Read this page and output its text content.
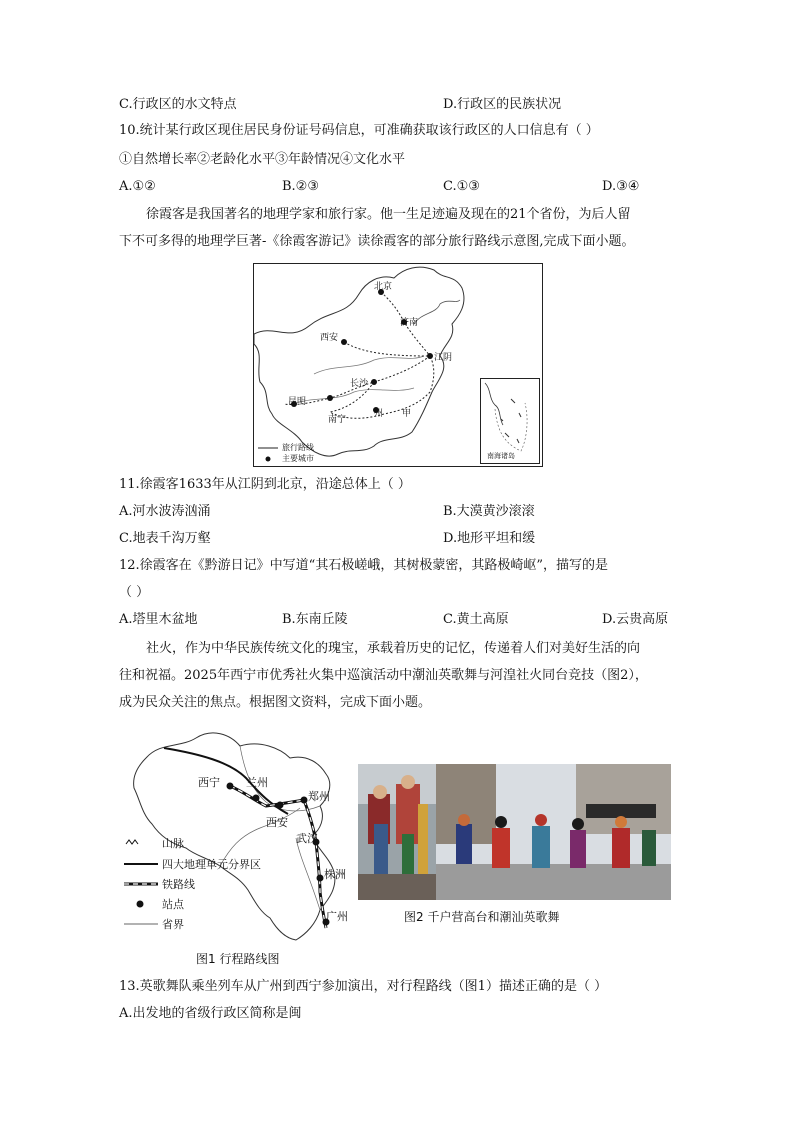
C.行政区的水文特点	D.行政区的民族状况
10.统计某行政区现住居民身份证号码信息，可准确获取该行政区的人口信息有（ ）
①自然增长率②老龄化水平③年龄情况④文化水平
A.①②	B.②③	C.①③	D.③④
徐霞客是我国著名的地理学家和旅行家。他一生足迹遍及现在的21个省份，为后人留
下不可多得的地理学巨著-《徐霞客游记》读徐霞客的部分旅行路线示意图,完成下面小题。
北京
济南
西安
江阴
长沙
昆明
南宁
州 甲
旅行路线
主要城市	南海诸岛
11.徐霞客1633年从江阴到北京，沿途总体上（ ）
A.河水波涛汹涌	B.大漠黄沙滚滚
C.地表千沟万壑	D.地形平坦和缓
12.徐霞客在《黔游日记》中写道“其石极嵯峨，其树极蒙密，其路极崎岖”，描写的是
（ ）
A.塔里木盆地	B.东南丘陵	C.黄土高原	D.云贵高原
社火，作为中华民族传统文化的瑰宝，承载着历史的记忆，传递着人们对美好生活的向
往和祝福。2025年西宁市优秀社火集中巡演活动中潮汕英歌舞与河湟社火同台竞技（图2），
成为民众关注的焦点。根据图文资料，完成下面小题。
西宁 兰州
郑州
西安
武汉
株洲
广州
山脉
四大地理单元分界区
铁路线
站点
省界
图1 行程路线图
图2 千户营高台和潮汕英歌舞
13.英歌舞队乘坐列车从广州到西宁参加演出，对行程路线（图1）描述正确的是（ ）
A.出发地的省级行政区简称是闽
